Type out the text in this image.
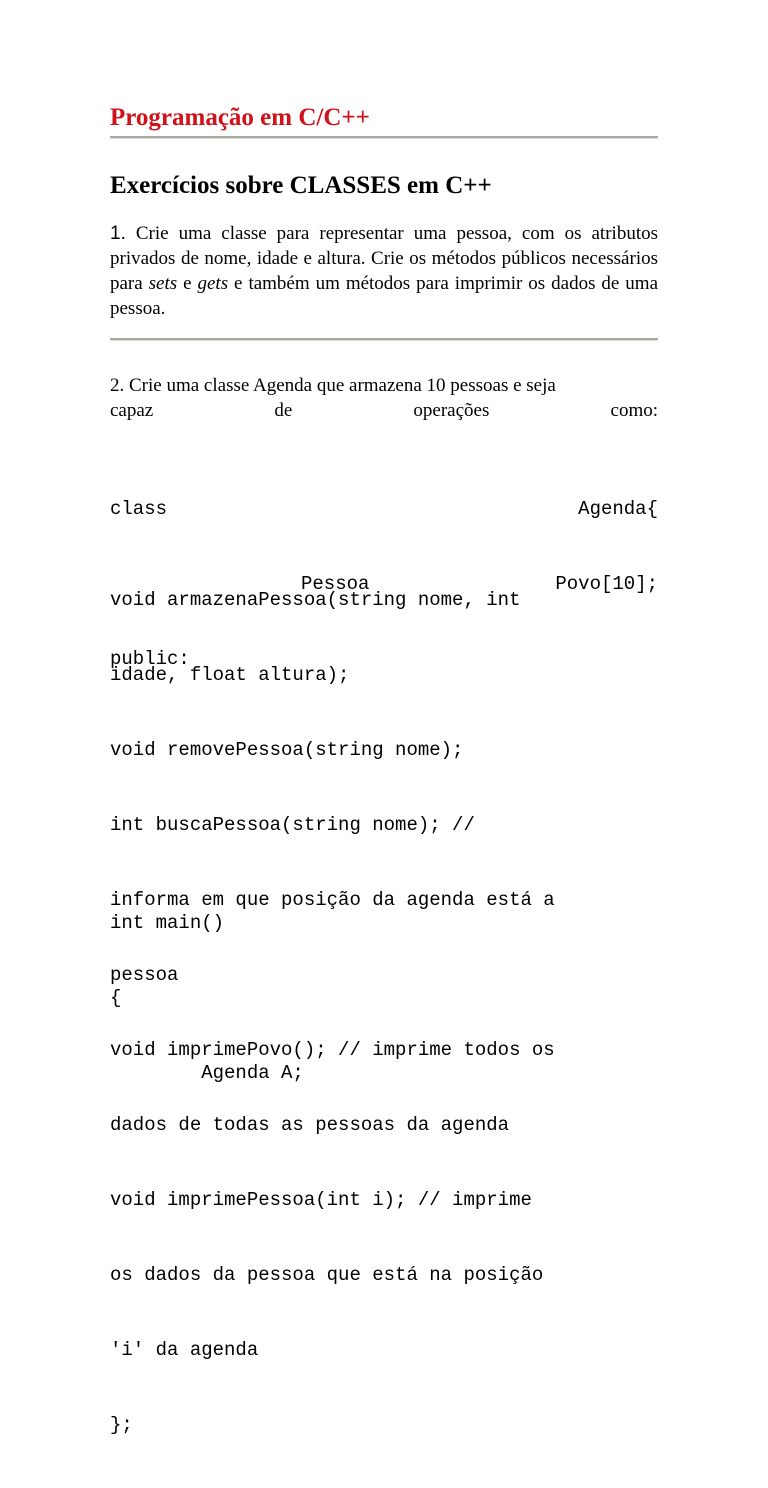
Programação em C/C++
Exercícios sobre CLASSES em C++

1. Crie uma classe para representar uma pessoa, com os atributos privados de nome, idade e altura. Crie os métodos públicos necessários para sets e gets e também um métodos para imprimir os dados de uma pessoa.

2. Crie uma classe Agenda que armazena 10 pessoas e seja
capaz	de	operações	como:

class	Agenda{

Pessoa	Povo[10];

public:

void armazenaPessoa(string nome, int

idade, float altura);

void removePessoa(string nome);

int buscaPessoa(string nome); //

informa em que posição da agenda está a

pessoa

void imprimePovo(); // imprime todos os

dados de todas as pessoas da agenda

void imprimePessoa(int i); // imprime

os dados da pessoa que está na posição

'i' da agenda

};

int main()

{

Agenda A;
